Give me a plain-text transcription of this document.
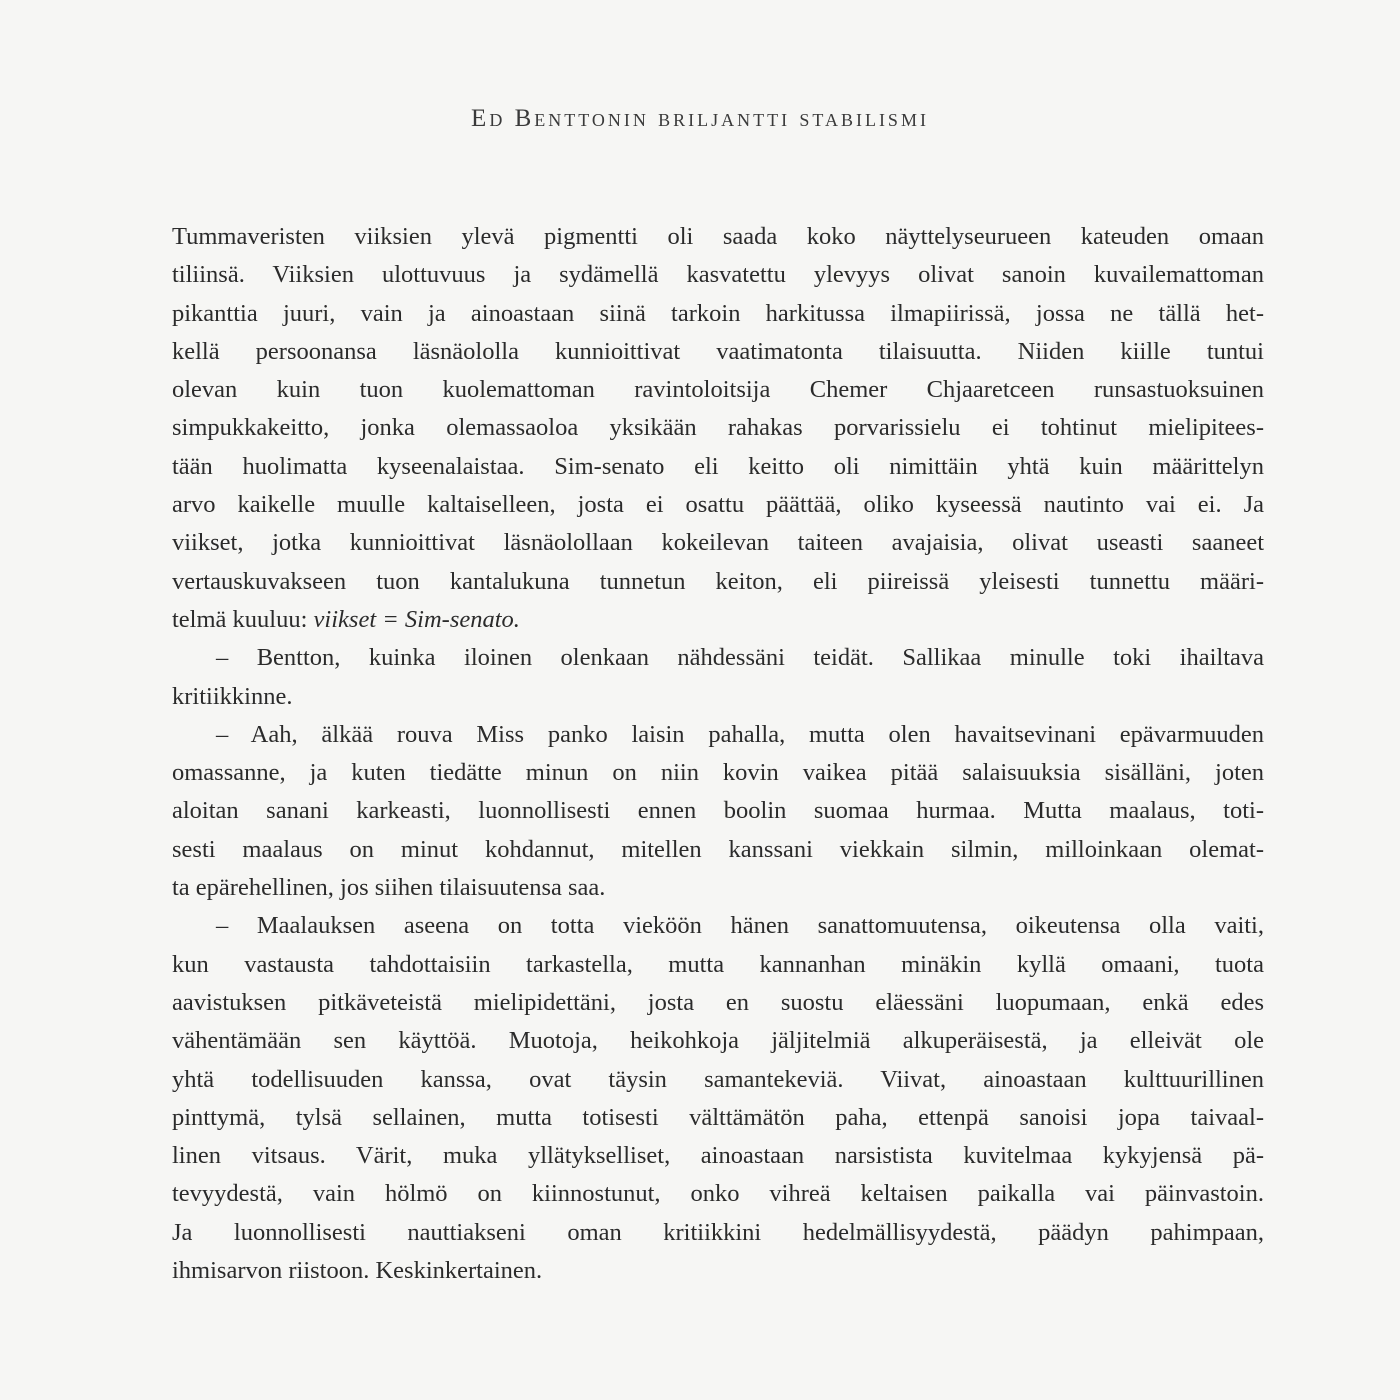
Ed Benttonin briljantti stabilismi
Tummaveristen viiksien ylevä pigmentti oli saada koko näyttelyseurueen kateuden omaan
tiliinsä. Viiksien ulottuvuus ja sydämellä kasvatettu ylevyys olivat sanoin kuvailemattoman
pikanttia juuri, vain ja ainoastaan siinä tarkoin harkitussa ilmapiirissä, jossa ne tällä het-
kellä persoonansa läsnäololla kunnioittivat vaatimatonta tilaisuutta. Niiden kiille tuntui
olevan kuin tuon kuolemattoman ravintoloitsija Chemer Chjaaretceen runsastuoksuinen
simpukkakeitto, jonka olemassaoloa yksikään rahakas porvarissielu ei tohtinut mielipitees-
tään huolimatta kyseenalaistaa. Sim-senato eli keitto oli nimittäin yhtä kuin määrittelyn
arvo kaikelle muulle kaltaiselleen, josta ei osattu päättää, oliko kyseessä nautinto vai ei. Ja
viikset, jotka kunnioittivat läsnäolollaan kokeilevan taiteen avajaisia, olivat useasti saaneet
vertauskuvakseen tuon kantalukuna tunnetun keiton, eli piireissä yleisesti tunnettu määri-
telmä kuuluu: viikset = Sim-senato.
– Bentton, kuinka iloinen olenkaan nähdessäni teidät. Sallikaa minulle toki ihailtava
kritiikkinne.
– Aah, älkää rouva Miss panko laisin pahalla, mutta olen havaitsevinani epävarmuuden
omassanne, ja kuten tiedätte minun on niin kovin vaikea pitää salaisuuksia sisälläni, joten
aloitan sanani karkeasti, luonnollisesti ennen boolin suomaa hurmaa. Mutta maalaus, toti-
sesti maalaus on minut kohdannut, mitellen kanssani viekkain silmin, milloinkaan olemat-
ta epärehellinen, jos siihen tilaisuutensa saa.
– Maalauksen aseena on totta vieköön hänen sanattomuutensa, oikeutensa olla vaiti,
kun vastausta tahdottaisiin tarkastella, mutta kannanhan minäkin kyllä omaani, tuota
aavistuksen pitkäveteistä mielipidettäni, josta en suostu eläessäni luopumaan, enkä edes
vähentämään sen käyttöä. Muotoja, heikohkoja jäljitelmiä alkuperäisestä, ja elleivät ole
yhtä todellisuuden kanssa, ovat täysin samantekeviä. Viivat, ainoastaan kulttuurillinen
pinttymä, tylsä sellainen, mutta totisesti välttämätön paha, ettenpä sanoisi jopa taivaal-
linen vitsaus. Värit, muka yllätykselliset, ainoastaan narsistista kuvitelmaa kykyjensä pä-
tevyydestä, vain hölmö on kiinnostunut, onko vihreä keltaisen paikalla vai päinvastoin.
Ja luonnollisesti nauttiakseni oman kritiikkini hedelmällisyydestä, päädyn pahimpaan,
ihmisarvon riistoon. Keskinkertainen.
